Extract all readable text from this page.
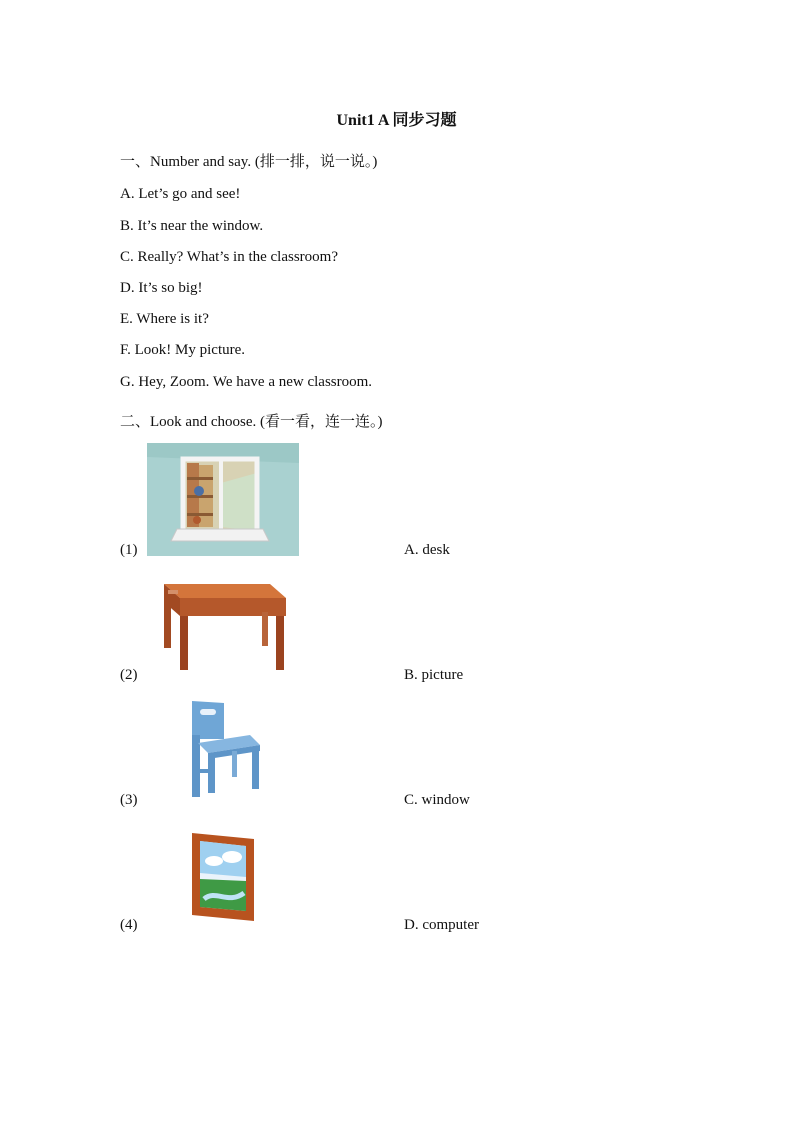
Unit1 A 同步习题
一、Number and say. (排一排，说一说。)
A. Let’s go and see!
B. It’s near the window.
C. Really? What’s in the classroom?
D. It’s so big!
E. Where is it?
F. Look! My picture.
G. Hey, Zoom. We have a new classroom.
二、Look and choose. (看一看，连一连。)
(1)	A. desk
(2)	B. picture
(3)	C. window
(4)	D. computer
